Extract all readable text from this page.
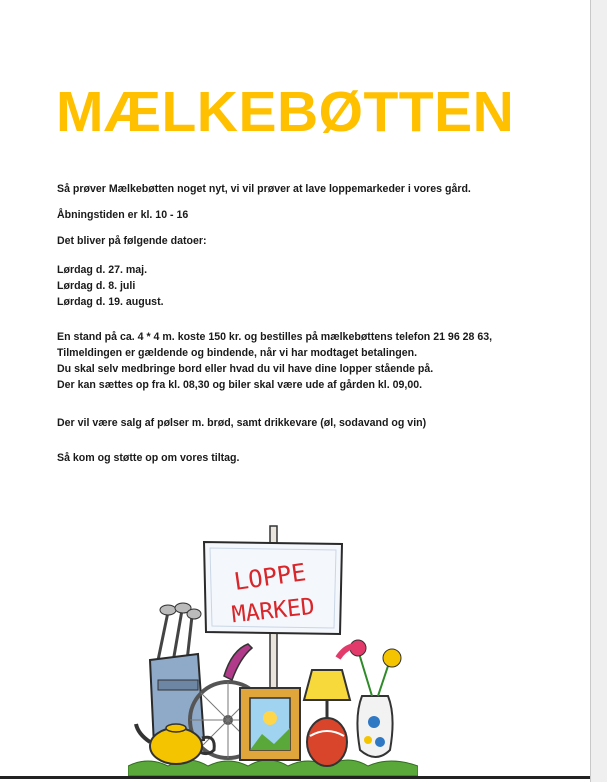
MÆLKEBØTTEN
Så prøver Mælkebøtten noget nyt, vi vil prøver at lave loppemarkeder i vores gård.
Åbningstiden er kl. 10 - 16
Det bliver på følgende datoer:
Lørdag d. 27. maj.
Lørdag d. 8. juli
Lørdag d. 19. august.
En stand på ca. 4 * 4 m. koste 150 kr. og bestilles på mælkebøttens telefon 21 96 28 63,
Tilmeldingen er gældende og bindende, når vi har modtaget betalingen.
Du skal selv medbringe bord eller hvad du vil have dine lopper stående på.
Der kan sættes op fra kl. 08,30 og biler skal være ude af gården kl. 09,00.
Der vil være salg af pølser m. brød, samt drikkevare (øl, sodavand og vin)
Så kom og støtte op om vores tiltag.
LOPPE
MARKED
